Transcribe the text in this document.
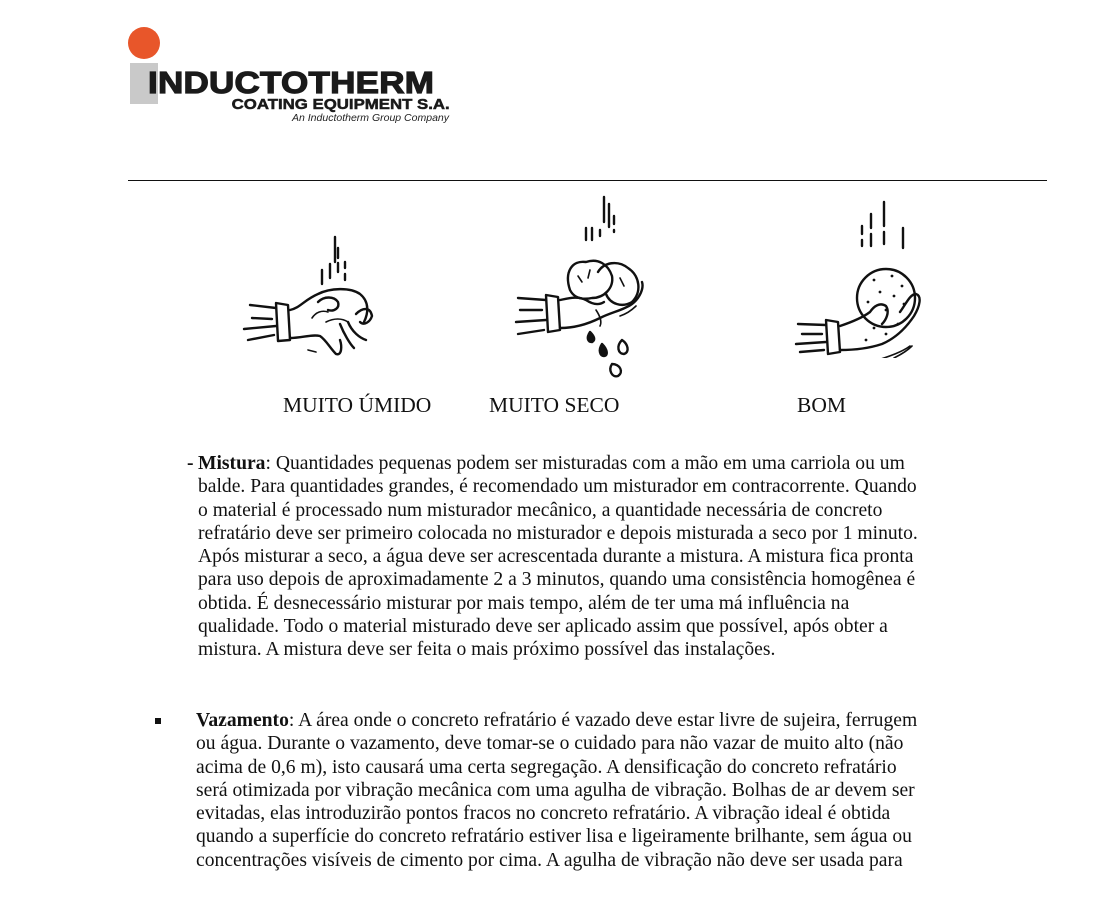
INDUCTOTHERM
COATING EQUIPMENT S.A.
An Inductotherm Group Company
MUITO ÚMIDO	MUITO SECO	BOM
- Mistura: Quantidades pequenas podem ser misturadas com a mão em uma carriola ou um
balde. Para quantidades grandes, é recomendado um misturador em contracorrente. Quando
o material é processado num misturador mecânico, a quantidade necessária de concreto
refratário deve ser primeiro colocada no misturador e depois misturada a seco por 1 minuto.
Após misturar a seco, a água deve ser acrescentada durante a mistura. A mistura fica pronta
para uso depois de aproximadamente 2 a 3 minutos, quando uma consistência homogênea é
obtida. É desnecessário misturar por mais tempo, além de ter uma má influência na
qualidade. Todo o material misturado deve ser aplicado assim que possível, após obter a
mistura. A mistura deve ser feita o mais próximo possível das instalações.
Vazamento: A área onde o concreto refratário é vazado deve estar livre de sujeira, ferrugem
ou água. Durante o vazamento, deve tomar-se o cuidado para não vazar de muito alto (não
acima de 0,6 m), isto causará uma certa segregação. A densificação do concreto refratário
será otimizada por vibração mecânica com uma agulha de vibração. Bolhas de ar devem ser
evitadas, elas introduzirão pontos fracos no concreto refratário. A vibração ideal é obtida
quando a superfície do concreto refratário estiver lisa e ligeiramente brilhante, sem água ou
concentrações visíveis de cimento por cima. A agulha de vibração não deve ser usada para
